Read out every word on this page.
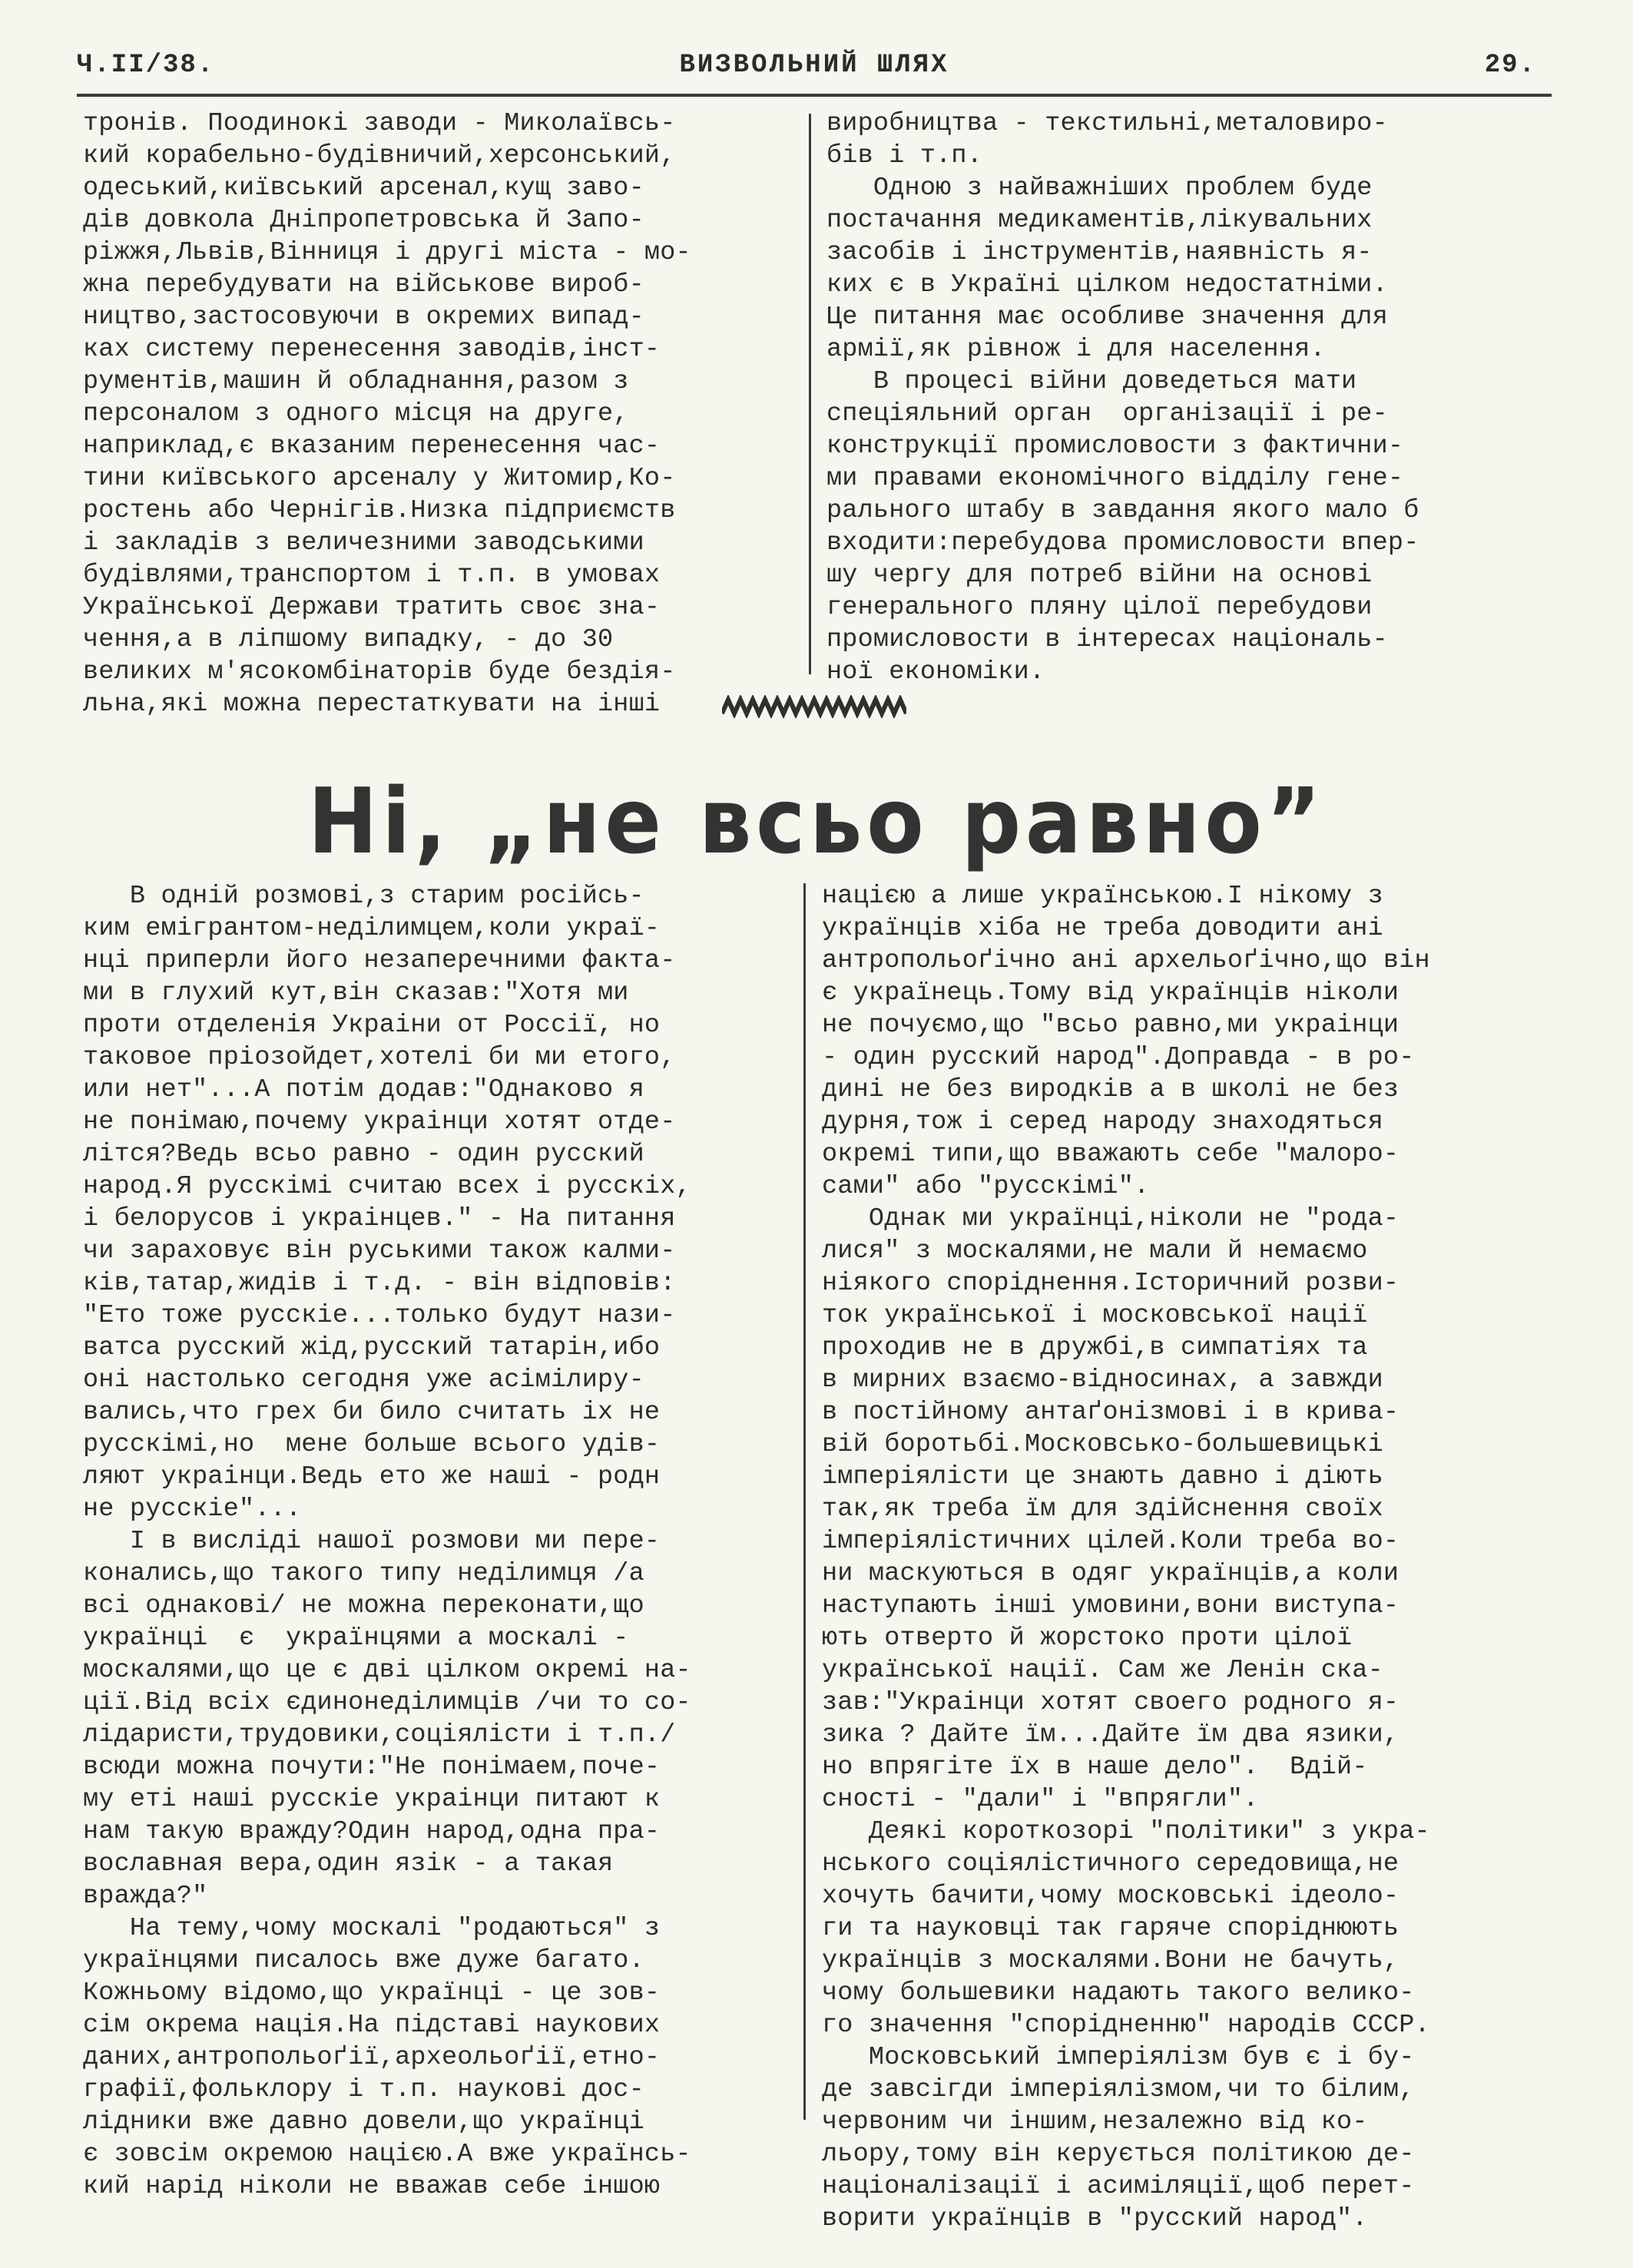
Ч.II/38.	ВИЗВОЛЬНИЙ ШЛЯХ	29.
тронів. Поодинокі заводи - Миколаївсь-
кий корабельно-будівничий,херсонський,
одеський,київський арсенал,кущ заво-
дів довкола Дніпропетровська й Запо-
ріжжя,Львів,Вінниця і другі міста - мо-
жна перебудувати на військове вироб-
ництво,застосовуючи в окремих випад-
ках систему перенесення заводів,інст-
рументів,машин й обладнання,разом з
персоналом з одного місця на друге,
наприклад,є вказаним перенесення час-
тини київського арсеналу у Житомир,Ко-
ростень або Чернігів.Низка підприємств
і закладів з величезними заводськими
будівлями,транспортом і т.п. в умовах
Української Держави тратить своє зна-
чення,а в ліпшому випадку, - до 30
великих м'ясокомбінаторів буде бездія-
льна,які можна перестаткувати на інші
виробництва - текстильні,металовиро-
бів і т.п.
Одною з найважніших проблем буде
постачання медикаментів,лікувальних
засобів і інструментів,наявність я-
ких є в Україні цілком недостатніми.
Це питання має особливе значення для
армії,як рівнож і для населення.
В процесі війни доведеться мати
спеціяльний орган  організації і ре-
конструкції промисловости з фактични-
ми правами економічного відділу гене-
рального штабу в завдання якого мало б
входити:перебудова промисловости впер-
шу чергу для потреб війни на основі
генерального пляну цілої перебудови
промисловости в інтересах національ-
ної економіки.
Ні, „не всьо равно”
В одній розмові,з старим російсь-
ким емігрантом-неділимцем,коли украї-
нці приперли його незаперечними факта-
ми в глухий кут,він сказав:"Хотя ми
проти отделенія Украіни от Россії, но
таковое пріозойдет,хотелі би ми етого,
или нет"...А потім додав:"Однаково я
не понімаю,почему украінци хотят отде-
літся?Ведь всьо равно - один русский
народ.Я русскімі считаю всех і русскіх,
і белорусов і украінцев." - На питання
чи зараховує він руськими також калми-
ків,татар,жидів і т.д. - він відповів:
"Ето тоже русскіе...только будут нази-
ватса русский жід,русский татарін,ибо
оні настолько сегодня уже асімілиру-
вались,что грех би било считать іх не
русскімі,но  мене больше всього удів-
ляют украінци.Ведь ето же наші - родн
не русскіе"...
І в висліді нашої розмови ми пере-
конались,що такого типу неділимця /а
всі однакові/ не можна переконати,що
українці  є  українцями а москалі -
москалями,що це є дві цілком окремі на-
ції.Від всіх єдинонеділимців /чи то со-
лідаристи,трудовики,соціялісти і т.п./
всюди можна почути:"Не понімаем,поче-
му еті наші русскіе украінци питают к
нам такую вражду?Один народ,одна пра-
вославная вера,один язік - а такая
вражда?"
На тему,чому москалі "родаються" з
українцями писалось вже дуже багато.
Кожньому відомо,що українці - це зов-
сім окрема нація.На підставі наукових
даних,антропольоґії,археольоґії,етно-
графії,фольклору і т.п. наукові дос-
лідники вже давно довели,що українці
є зовсім окремою нацією.А вже українсь-
кий нарід ніколи не вважав себе іншою
нацією а лише українською.І нікому з
українців хіба не треба доводити ані
антропольоґічно ані архельоґічно,що він
є українець.Тому від українців ніколи
не почуємо,що "всьо равно,ми украінци
- один русский народ".Доправда - в ро-
дині не без виродків а в школі не без
дурня,тож і серед народу знаходяться
окремі типи,що вважають себе "малоро-
сами" або "русскімі".
Однак ми українці,ніколи не "рода-
лися" з москалями,не мали й немаємо
ніякого споріднення.Історичний розви-
ток української і московської нації
проходив не в дружбі,в симпатіях та
в мирних взаємо-відносинах, а завжди
в постійному антаґонізмові і в крива-
вій боротьбі.Московсько-большевицькі
імперіялісти це знають давно і діють
так,як треба їм для здійснення своїх
імперіялістичних цілей.Коли треба во-
ни маскуються в одяг українців,а коли
наступають інші умовини,вони виступа-
ють отверто й жорстоко проти цілої
української нації. Сам же Ленін ска-
зав:"Украінци хотят своего родного я-
зика ? Дайте їм...Дайте їм два язики,
но впрягіте їх в наше дело".  Вдій-
сності - "дали" і "впрягли".
Деякі короткозорі "політики" з укра-
нського соціялістичного середовища,не
хочуть бачити,чому московські ідеоло-
ги та науковці так гаряче споріднюють
українців з москалями.Вони не бачуть,
чому большевики надають такого велико-
го значення "спорідненню" народів СССР.
Московський імперіялізм був є і бу-
де завсігди імперіялізмом,чи то білим,
червоним чи іншим,незалежно від ко-
льору,тому він керується політикою де-
націоналізації і асиміляції,щоб перет-
ворити українців в "русский народ".
